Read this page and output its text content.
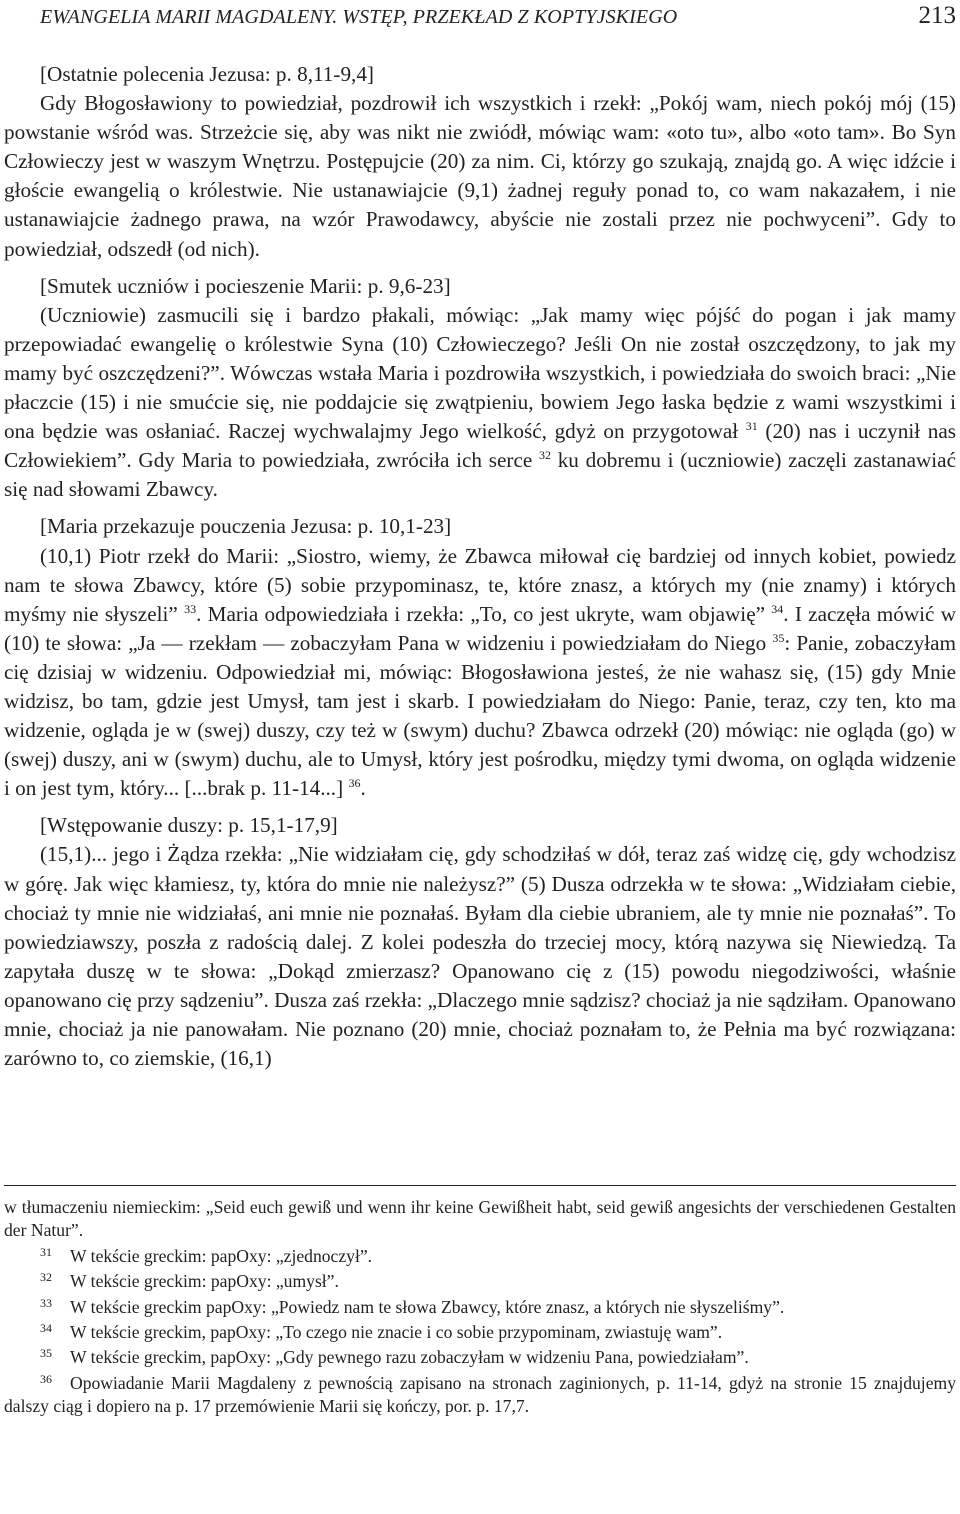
EWANGELIA MARII MAGDALENY. WSTĘP, PRZEKŁAD Z KOPTYJSKIEGO	213

[Ostatnie polecenia Jezusa: p. 8,11-9,4]

Gdy Błogosławiony to powiedział, pozdrowił ich wszystkich i rzekł: „Pokój wam, niech pokój mój (15) powstanie wśród was. Strzeżcie się, aby was nikt nie zwiódł, mówiąc wam: «oto tu», albo «oto tam». Bo Syn Człowieczy jest w waszym Wnętrzu. Postępujcie (20) za nim. Ci, którzy go szukają, znajdą go. A więc idźcie i głoście ewangelią o królestwie. Nie ustanawiajcie (9,1) żadnej reguły ponad to, co wam nakazałem, i nie ustanawiajcie żadnego prawa, na wzór Prawodawcy, abyście nie zostali przez nie pochwyceni”. Gdy to powiedział, odszedł (od nich).

[Smutek uczniów i pocieszenie Marii: p. 9,6-23]

(Uczniowie) zasmucili się i bardzo płakali, mówiąc: „Jak mamy więc pójść do pogan i jak mamy przepowiadać ewangelię o królestwie Syna (10) Człowieczego? Jeśli On nie został oszczędzony, to jak my mamy być oszczędzeni?”. Wówczas wstała Maria i pozdrowiła wszystkich, i powiedziała do swoich braci: „Nie płaczcie (15) i nie smućcie się, nie poddajcie się zwątpieniu, bowiem Jego łaska będzie z wami wszystkimi i ona będzie was osłaniać. Raczej wychwalajmy Jego wielkość, gdyż on przygotował $^{31}$ (20) nas i uczynił nas Człowiekiem”. Gdy Maria to powiedziała, zwróciła ich serce $^{32}$ ku dobremu i (uczniowie) zaczęli zastanawiać się nad słowami Zbawcy.

[Maria przekazuje pouczenia Jezusa: p. 10,1-23]

(10,1) Piotr rzekł do Marii: „Siostro, wiemy, że Zbawca miłował cię bardziej od innych kobiet, powiedz nam te słowa Zbawcy, które (5) sobie przypominasz, te, które znasz, a których my (nie znamy) i których myśmy nie słyszeli” $^{33}$. Maria odpowiedziała i rzekła: „To, co jest ukryte, wam objawię” $^{34}$. I zaczęła mówić w (10) te słowa: „Ja — rzekłam — zobaczyłam Pana w widzeniu i powiedziałam do Niego $^{35}$: Panie, zobaczyłam cię dzisiaj w widzeniu. Odpowiedział mi, mówiąc: Błogosławiona jesteś, że nie wahasz się, (15) gdy Mnie widzisz, bo tam, gdzie jest Umysł, tam jest i skarb. I powiedziałam do Niego: Panie, teraz, czy ten, kto ma widzenie, ogląda je w (swej) duszy, czy też w (swym) duchu? Zbawca odrzekł (20) mówiąc: nie ogląda (go) w (swej) duszy, ani w (swym) duchu, ale to Umysł, który jest pośrodku, między tymi dwoma, on ogląda widzenie i on jest tym, który... [...brak p. 11-14...] $^{36}$.

[Wstępowanie duszy: p. 15,1-17,9]

(15,1)... jego i Żądza rzekła: „Nie widziałam cię, gdy schodziłaś w dół, teraz zaś widzę cię, gdy wchodzisz w górę. Jak więc kłamiesz, ty, która do mnie nie należysz?” (5) Dusza odrzekła w te słowa: „Widziałam ciebie, chociaż ty mnie nie widziałaś, ani mnie nie poznałaś. Byłam dla ciebie ubraniem, ale ty mnie nie poznałaś”. To powiedziawszy, poszła z radością dalej. Z kolei podeszła do trzeciej mocy, którą nazywa się Niewiedzą. Ta zapytała duszę w te słowa: „Dokąd zmierzasz? Opanowano cię z (15) powodu niegodziwości, właśnie opanowano cię przy sądzeniu”. Dusza zaś rzekła: „Dlaczego mnie sądzisz? chociaż ja nie sądziłam. Opanowano mnie, chociaż ja nie panowałam. Nie poznano (20) mnie, chociaż poznałam to, że Pełnia ma być rozwiązana: zarówno to, co ziemskie, (16,1)

w tłumaczeniu niemieckim: „Seid euch gewiß und wenn ihr keine Gewißheit habt, seid gewiß angesichts der verschiedenen Gestalten der Natur”.

31 W tekście greckim: papOxy: „zjednoczył”.

32 W tekście greckim: papOxy: „umysł”.

33 W tekście greckim papOxy: „Powiedz nam te słowa Zbawcy, które znasz, a których nie słyszeliśmy”.

34 W tekście greckim, papOxy: „To czego nie znacie i co sobie przypominam, zwiastuję wam”.

35 W tekście greckim, papOxy: „Gdy pewnego razu zobaczyłam w widzeniu Pana, powiedziałam”.

36 Opowiadanie Marii Magdaleny z pewnością zapisano na stronach zaginionych, p. 11-14, gdyż na stronie 15 znajdujemy dalszy ciąg i dopiero na p. 17 przemówienie Marii się kończy, por. p. 17,7.
